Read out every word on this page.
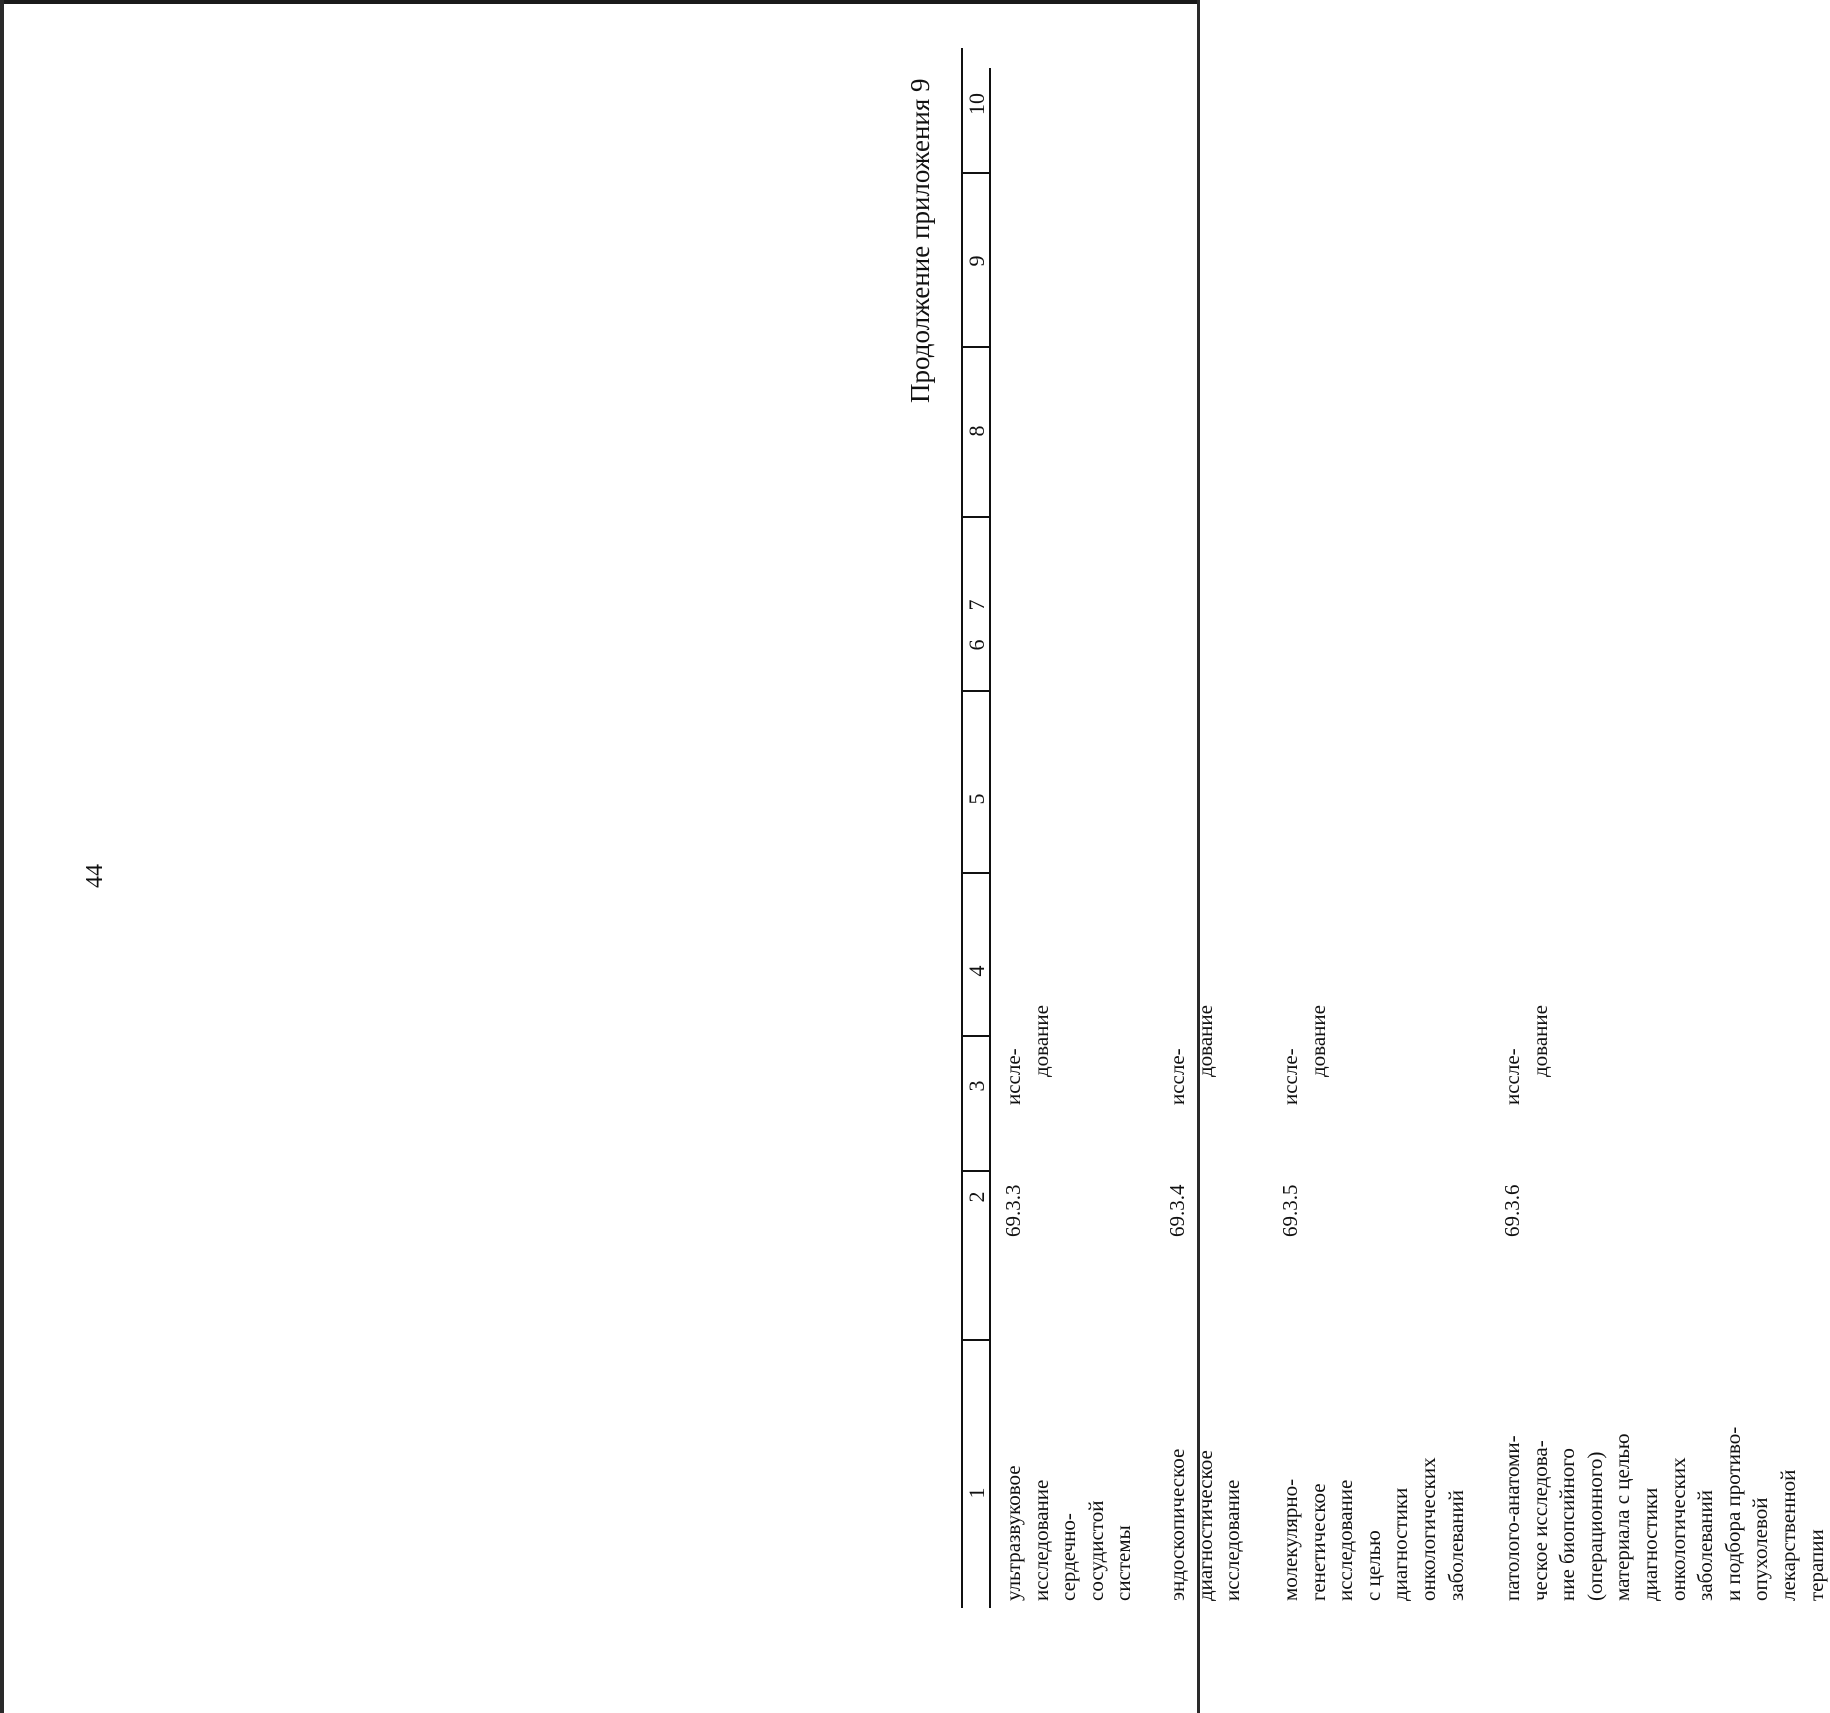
44
Продолжение приложения 9
1
2
3
4
5
6
7
8
9
10
ультразвуковое исследование сердечно- сосудистой системы
69.3.3
иссле- дование
эндоскопическое диагностическое исследование
69.3.4
иссле- дование
молекулярно- генетическое исследование с целью диагностики онкологических заболеваний
69.3.5
иссле- дование
патолого-анатоми- ческое исследова- ние биопсийного (операционного) материала с целью диагностики онкологических заболеваний и подбора противо- опухолевой лекарственной терапии
69.3.6
иссле- дование
